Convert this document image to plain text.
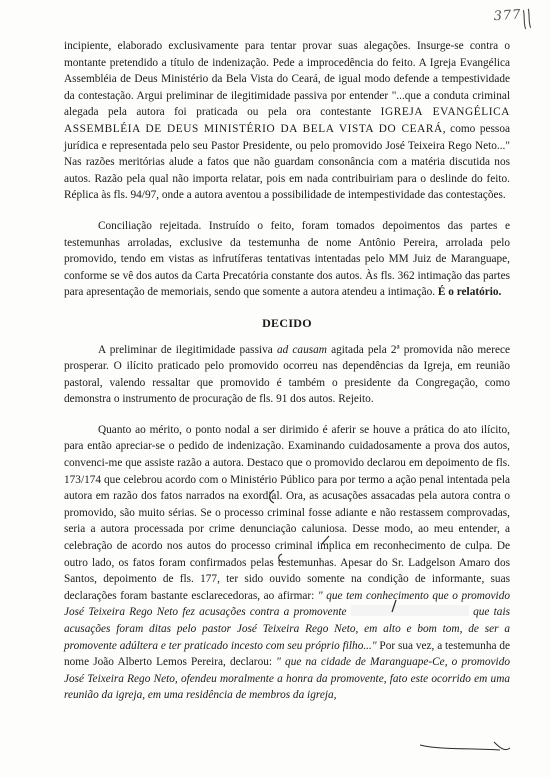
377

incipiente, elaborado exclusivamente para tentar provar suas alegações. Insurge-se contra o montante pretendido a título de indenização. Pede a improcedência do feito. A Igreja Evangélica Assembléia de Deus Ministério da Bela Vista do Ceará, de igual modo defende a tempestividade da contestação. Argui preliminar de ilegitimidade passiva por entender "...que a conduta criminal alegada pela autora foi praticada ou pela ora contestante IGREJA EVANGÉLICA ASSEMBLÉIA DE DEUS MINISTÉRIO DA BELA VISTA DO CEARÁ, como pessoa jurídica e representada pelo seu Pastor Presidente, ou pelo promovido José Teixeira Rego Neto..." Nas razões meritórias alude a fatos que não guardam consonância com a matéria discutida nos autos. Razão pela qual não importa relatar, pois em nada contribuiriam para o deslinde do feito. Réplica às fls. 94/97, onde a autora aventou a possibilidade de intempestividade das contestações.

Conciliação rejeitada. Instruído o feito, foram tomados depoimentos das partes e testemunhas arroladas, exclusive da testemunha de nome Antônio Pereira, arrolada pelo promovido, tendo em vistas as infrutíferas tentativas intentadas pelo MM Juiz de Maranguape, conforme se vê dos autos da Carta Precatória constante dos autos. Às fls. 362 intimação das partes para apresentação de memoriais, sendo que somente a autora atendeu a intimação. É o relatório.

DECIDO

A preliminar de ilegitimidade passiva ad causam agitada pela 2ª promovida não merece prosperar. O ilícito praticado pelo promovido ocorreu nas dependências da Igreja, em reunião pastoral, valendo ressaltar que promovido é também o presidente da Congregação, como demonstra o instrumento de procuração de fls. 91 dos autos. Rejeito.

Quanto ao mérito, o ponto nodal a ser dirimido é aferir se houve a prática do ato ilícito, para então apreciar-se o pedido de indenização. Examinando cuidadosamente a prova dos autos, convenci-me que assiste razão a autora. Destaco que o promovido declarou em depoimento de fls. 173/174 que celebrou acordo com o Ministério Público para por termo a ação penal intentada pela autora em razão dos fatos narrados na exordial. Ora, as acusações assacadas pela autora contra o promovido, são muito sérias. Se o processo criminal fosse adiante e não restassem comprovadas, seria a autora processada por crime denunciação caluniosa. Desse modo, ao meu entender, a celebração de acordo nos autos do processo criminal implica em reconhecimento de culpa. De outro lado, os fatos foram confirmados pelas testemunhas. Apesar do Sr. Ladgelson Amaro dos Santos, depoimento de fls. 177, ter sido ouvido somente na condição de informante, suas declarações foram bastante esclarecedoras, ao afirmar: " que tem conhecimento que o promovido José Teixeira Rego Neto fez acusações contra a promovente	que tais acusações foram ditas pelo pastor José Teixeira Rego Neto, em alto e bom tom, de ser a promovente adúltera e ter praticado incesto com seu próprio filho..." Por sua vez, a testemunha de nome João Alberto Lemos Pereira, declarou: " que na cidade de Maranguape-Ce, o promovido José Teixeira Rego Neto, ofendeu moralmente a honra da promovente, fato este ocorrido em uma reunião da igreja, em uma residência de membros da igreja,
